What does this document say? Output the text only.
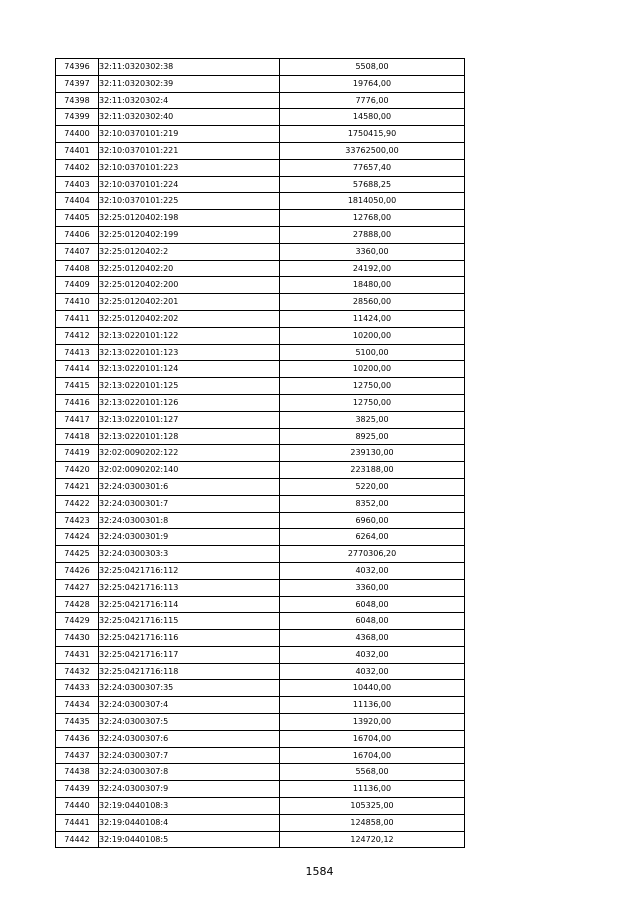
74396	32:11:0320302:38	5508,00
74397	32:11:0320302:39	19764,00
74398	32:11:0320302:4	7776,00
74399	32:11:0320302:40	14580,00
74400	32:10:0370101:219	1750415,90
74401	32:10:0370101:221	33762500,00
74402	32:10:0370101:223	77657,40
74403	32:10:0370101:224	57688,25
74404	32:10:0370101:225	1814050,00
74405	32:25:0120402:198	12768,00
74406	32:25:0120402:199	27888,00
74407	32:25:0120402:2	3360,00
74408	32:25:0120402:20	24192,00
74409	32:25:0120402:200	18480,00
74410	32:25:0120402:201	28560,00
74411	32:25:0120402:202	11424,00
74412	32:13:0220101:122	10200,00
74413	32:13:0220101:123	5100,00
74414	32:13:0220101:124	10200,00
74415	32:13:0220101:125	12750,00
74416	32:13:0220101:126	12750,00
74417	32:13:0220101:127	3825,00
74418	32:13:0220101:128	8925,00
74419	32:02:0090202:122	239130,00
74420	32:02:0090202:140	223188,00
74421	32:24:0300301:6	5220,00
74422	32:24:0300301:7	8352,00
74423	32:24:0300301:8	6960,00
74424	32:24:0300301:9	6264,00
74425	32:24:0300303:3	2770306,20
74426	32:25:0421716:112	4032,00
74427	32:25:0421716:113	3360,00
74428	32:25:0421716:114	6048,00
74429	32:25:0421716:115	6048,00
74430	32:25:0421716:116	4368,00
74431	32:25:0421716:117	4032,00
74432	32:25:0421716:118	4032,00
74433	32:24:0300307:35	10440,00
74434	32:24:0300307:4	11136,00
74435	32:24:0300307:5	13920,00
74436	32:24:0300307:6	16704,00
74437	32:24:0300307:7	16704,00
74438	32:24:0300307:8	5568,00
74439	32:24:0300307:9	11136,00
74440	32:19:0440108:3	105325,00
74441	32:19:0440108:4	124858,00
74442	32:19:0440108:5	124720,12
1584
